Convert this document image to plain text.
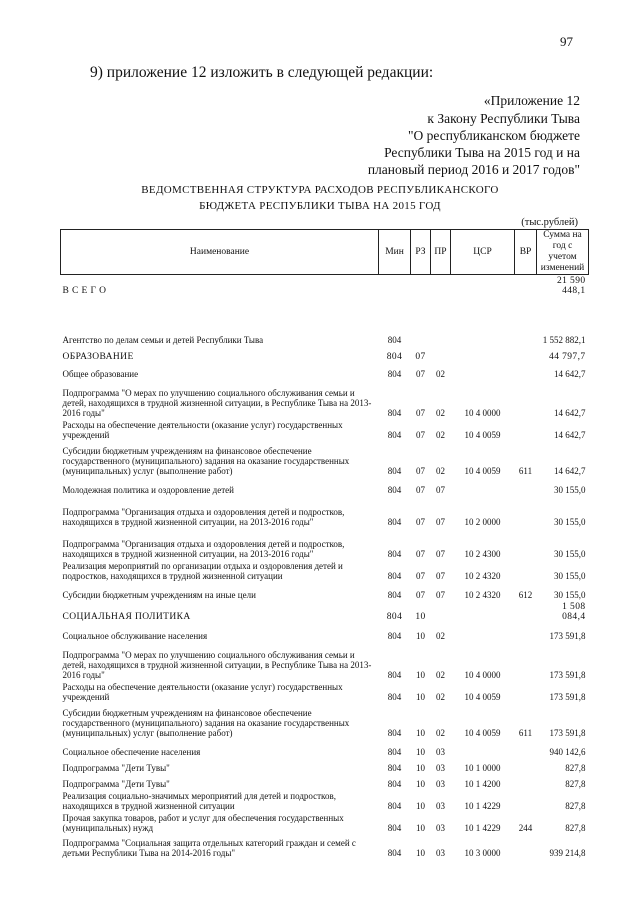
97
9) приложение 12 изложить в следующей редакции:
«Приложение 12
к Закону Республики Тыва
"О республиканском бюджете
Республики Тыва на 2015 год и на
плановый период 2016 и 2017 годов"
ВЕДОМСТВЕННАЯ СТРУКТУРА РАСХОДОВ РЕСПУБЛИКАНСКОГО
БЮДЖЕТА РЕСПУБЛИКИ ТЫВА НА 2015 ГОД
(тыс.рублей)
Наименование	Мин	РЗ	ПР	ЦСР	ВР	Сумма на год с учетом изменений
В С Е Г О						21 590 448,1

Агентство по делам семьи и детей Республики Тыва	804					1 552 882,1
ОБРАЗОВАНИЕ	804	07				44 797,7
Общее образование	804	07	02			14 642,7
Подпрограмма "О мерах по улучшению социального обслуживания семьи и детей, находящихся в трудной жизненной ситуации, в Республике Тыва на 2013-2016 годы"	804	07	02	10 4 0000		14 642,7
Расходы на обеспечение деятельности (оказание услуг) государственных учреждений	804	07	02	10 4 0059		14 642,7
Субсидии бюджетным учреждениям на финансовое обеспечение государственного (муниципального) задания на оказание государственных (муниципальных) услуг (выполнение работ)	804	07	02	10 4 0059	611	14 642,7
Молодежная политика и оздоровление детей	804	07	07			30 155,0
Подпрограмма "Организация отдыха и оздоровления детей и подростков, находящихся в трудной жизненной ситуации, на 2013-2016 годы"	804	07	07	10 2 0000		30 155,0
Подпрограмма "Организация отдыха и оздоровления детей и подростков, находящихся в трудной жизненной ситуации, на 2013-2016 годы"	804	07	07	10 2 4300		30 155,0
Реализация мероприятий по организации отдыха и оздоровления детей и подростков, находящихся в трудной жизненной ситуации	804	07	07	10 2 4320		30 155,0
Субсидии бюджетным учреждениям на иные цели	804	07	07	10 2 4320	612	30 155,0
СОЦИАЛЬНАЯ ПОЛИТИКА	804	10				1 508 084,4
Социальное обслуживание населения	804	10	02			173 591,8
Подпрограмма "О мерах по улучшению социального обслуживания семьи и детей, находящихся в трудной жизненной ситуации, в Республике Тыва на 2013-2016 годы"	804	10	02	10 4 0000		173 591,8
Расходы на обеспечение деятельности (оказание услуг) государственных учреждений	804	10	02	10 4 0059		173 591,8
Субсидии бюджетным учреждениям на финансовое обеспечение государственного (муниципального) задания на оказание государственных (муниципальных) услуг (выполнение работ)	804	10	02	10 4 0059	611	173 591,8
Социальное обеспечение населения	804	10	03			940 142,6
Подпрограмма "Дети Тувы"	804	10	03	10 1 0000		827,8
Подпрограмма "Дети Тувы"	804	10	03	10 1 4200		827,8
Реализация социально-значимых мероприятий для детей и подростков, находящихся в трудной жизненной ситуации	804	10	03	10 1 4229		827,8
Прочая закупка товаров, работ и услуг для обеспечения государственных (муниципальных) нужд	804	10	03	10 1 4229	244	827,8
Подпрограмма "Социальная защита отдельных категорий граждан и семей с детьми Республики Тыва на 2014-2016 годы"	804	10	03	10 3 0000		939 214,8
